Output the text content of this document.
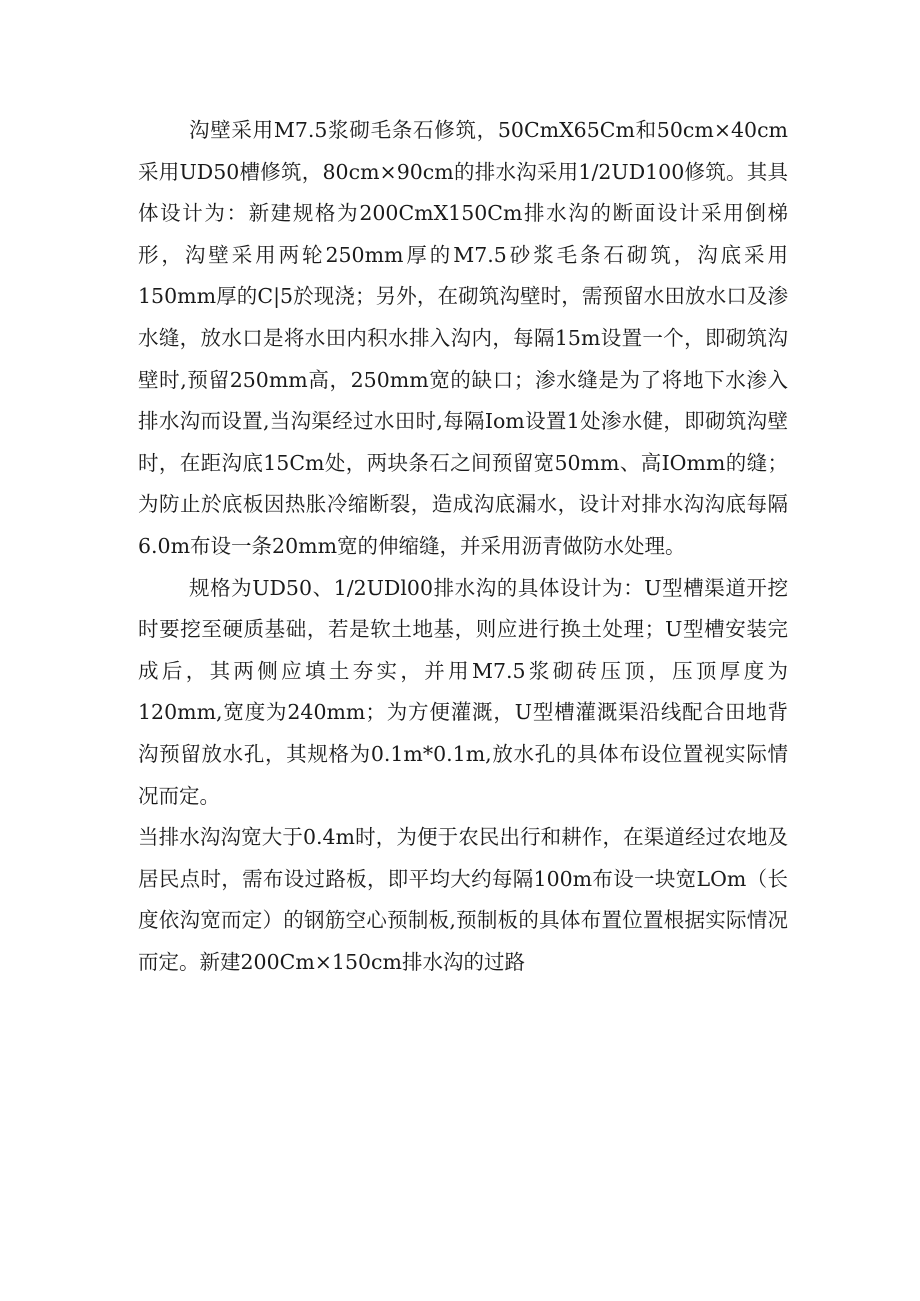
沟壁采用M7.5浆砌毛条石修筑，50CmX65Cm和50cm×40cm采用UD50槽修筑，80cm×90cm的排水沟采用1/2UD100修筑。其具体设计为：新建规格为200CmX150Cm排水沟的断面设计采用倒梯形，沟壁采用两轮250mm厚的M7.5砂浆毛条石砌筑，沟底采用150mm厚的C|5於现浇；另外，在砌筑沟壁时，需预留水田放水口及渗水缝，放水口是将水田内积水排入沟内，每隔15m设置一个，即砌筑沟壁时,预留250mm高，250mm宽的缺口；渗水缝是为了将地下水渗入排水沟而设置,当沟渠经过水田时,每隔Iom设置1处渗水健，即砌筑沟壁时，在距沟底15Cm处，两块条石之间预留宽50mm、高IOmm的缝；为防止於底板因热胀冷缩断裂，造成沟底漏水，设计对排水沟沟底每隔6.0m布设一条20mm宽的伸缩缝，并采用沥青做防水处理。

规格为UD50、1/2UDl00排水沟的具体设计为：U型槽渠道开挖时要挖至硬质基础，若是软土地基，则应进行换土处理；U型槽安装完成后，其两侧应填土夯实，并用M7.5浆砌砖压顶，压顶厚度为120mm,宽度为240mm；为方便灌溉，U型槽灌溉渠沿线配合田地背沟预留放水孔，其规格为0.1m*0.1m,放水孔的具体布设位置视实际情况而定。

当排水沟沟宽大于0.4m时，为便于农民出行和耕作，在渠道经过农地及居民点时，需布设过路板，即平均大约每隔100m布设一块宽LOm（长度依沟宽而定）的钢筋空心预制板,预制板的具体布置位置根据实际情况而定。新建200Cm×150cm排水沟的过路
